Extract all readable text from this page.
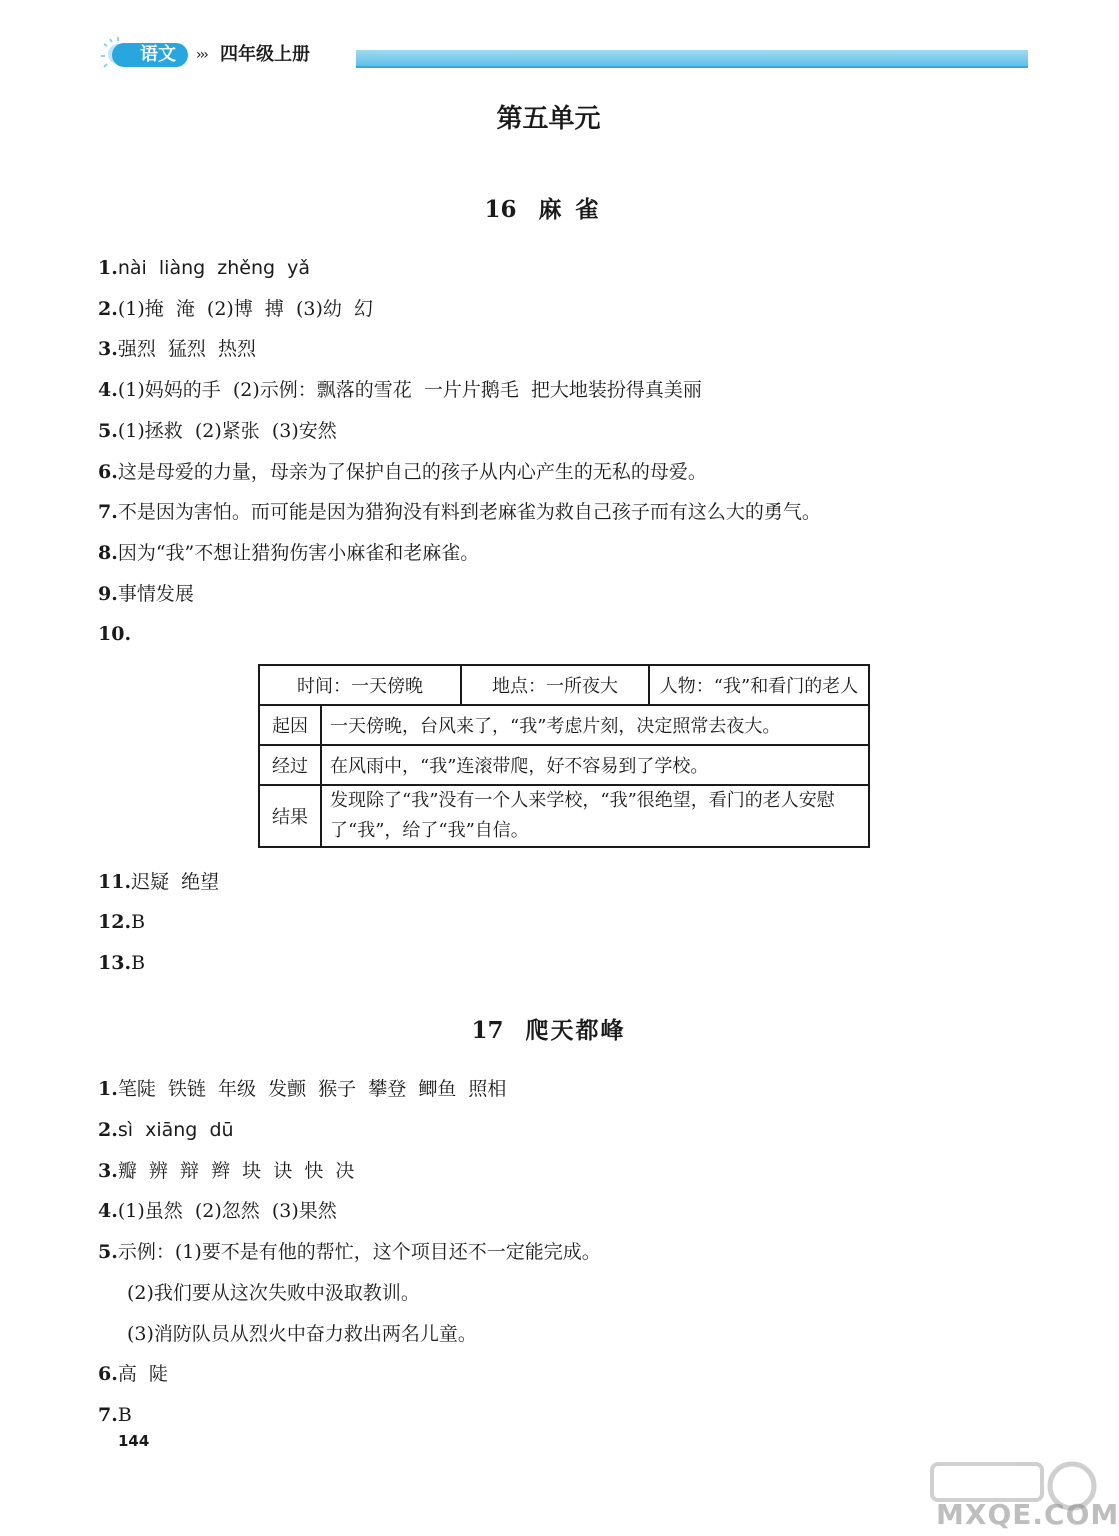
语文	››› 四年级上册
第五单元
16 麻雀
1.nài  liàng  zhěng  yǎ
2.(1)掩  淹  (2)博  搏  (3)幼  幻
3.强烈  猛烈  热烈
4.(1)妈妈的手  (2)示例：飘落的雪花  一片片鹅毛  把大地装扮得真美丽
5.(1)拯救  (2)紧张  (3)安然
6.这是母爱的力量，母亲为了保护自己的孩子从内心产生的无私的母爱。
7.不是因为害怕。而可能是因为猎狗没有料到老麻雀为救自己孩子而有这么大的勇气。
8.因为“我”不想让猎狗伤害小麻雀和老麻雀。
9.事情发展
10.
时间：一天傍晚		地点：一所夜大	人物：“我”和看门的老人
起因	一天傍晚，台风来了，“我”考虑片刻，决定照常去夜大。		
经过	在风雨中，“我”连滚带爬，好不容易到了学校。		
结果	发现除了“我”没有一个人来学校，“我”很绝望，看门的老人安慰了“我”，给了“我”自信。		
11.迟疑  绝望
12.B
13.B
17 爬天都峰
1.笔陡  铁链  年级  发颤  猴子  攀登  鲫鱼  照相
2.sì  xiāng  dū
3.瓣  辨  辩  辫  块  诀  快  决
4.(1)虽然  (2)忽然  (3)果然
5.示例：(1)要不是有他的帮忙，这个项目还不一定能完成。
(2)我们要从这次失败中汲取教训。
(3)消防队员从烈火中奋力救出两名儿童。
6.高  陡
7.B
144
MXQE.COM
